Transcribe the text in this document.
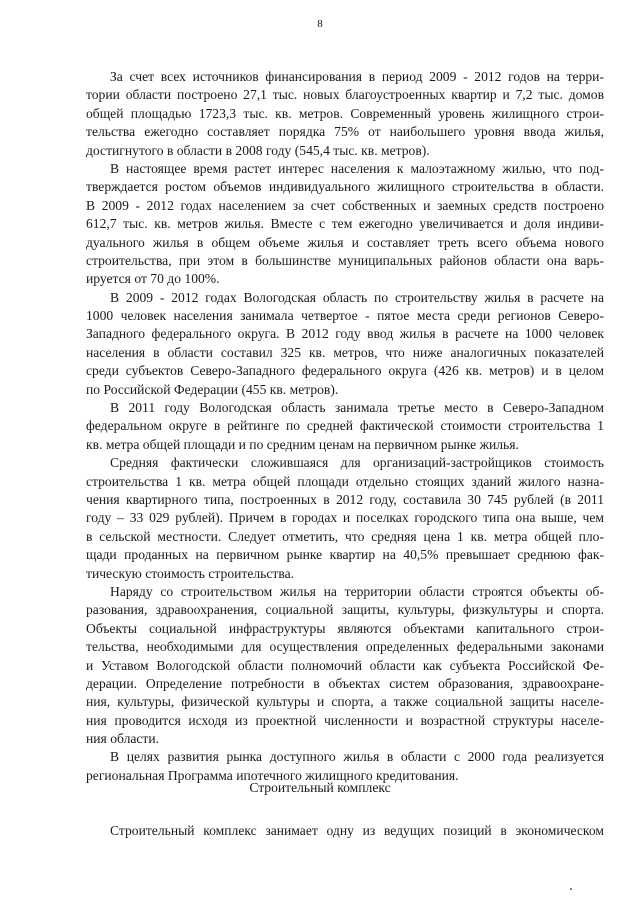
8
За счет всех источников финансирования в период 2009 - 2012 годов на терри-
тории области построено 27,1 тыс. новых благоустроенных квартир и 7,2 тыс. домов
общей площадью 1723,3 тыс. кв. метров. Современный уровень жилищного строи-
тельства ежегодно составляет порядка 75% от наибольшего уровня ввода жилья,
достигнутого в области в 2008 году (545,4 тыс. кв. метров).
В настоящее время растет интерес населения к малоэтажному жилью, что под-
тверждается ростом объемов индивидуального жилищного строительства в области.
В 2009 - 2012 годах населением за счет собственных и заемных средств построено
612,7 тыс. кв. метров жилья. Вместе с тем ежегодно увеличивается и доля индиви-
дуального жилья в общем объеме жилья и составляет треть всего объема нового
строительства, при этом в большинстве муниципальных районов области она варь-
ируется от 70 до 100%.
В 2009 - 2012 годах Вологодская область по строительству жилья в расчете на
1000 человек населения занимала четвертое - пятое места среди регионов Северо-
Западного федерального округа. В 2012 году ввод жилья в расчете на 1000 человек
населения в области составил 325 кв. метров, что ниже аналогичных показателей
среди субъектов Северо-Западного федерального округа (426 кв. метров) и в целом
по Российской Федерации (455 кв. метров).
В 2011 году Вологодская область занимала третье место в Северо-Западном
федеральном округе в рейтинге по средней фактической стоимости строительства 1
кв. метра общей площади и по средним ценам на первичном рынке жилья.
Средняя фактически сложившаяся для организаций-застройщиков стоимость
строительства 1 кв. метра общей площади отдельно стоящих зданий жилого назна-
чения квартирного типа, построенных в 2012 году, составила 30 745 рублей (в 2011
году – 33 029 рублей). Причем в городах и поселках городского типа она выше, чем
в сельской местности. Следует отметить, что средняя цена 1 кв. метра общей пло-
щади проданных на первичном рынке квартир на 40,5% превышает среднюю фак-
тическую стоимость строительства.
Наряду со строительством жилья на территории области строятся объекты об-
разования, здравоохранения, социальной защиты, культуры, физкультуры и спорта.
Объекты социальной инфраструктуры являются объектами капитального строи-
тельства, необходимыми для осуществления определенных федеральными законами
и Уставом Вологодской области полномочий области как субъекта Российской Фе-
дерации. Определение потребности в объектах систем образования, здравоохране-
ния, культуры, физической культуры и спорта, а также социальной защиты населе-
ния проводится исходя из проектной численности и возрастной структуры населе-
ния области.
В целях развития рынка доступного жилья в области с 2000 года реализуется
региональная Программа ипотечного жилищного кредитования.
Строительный комплекс
Строительный комплекс занимает одну из ведущих позиций в экономическом
